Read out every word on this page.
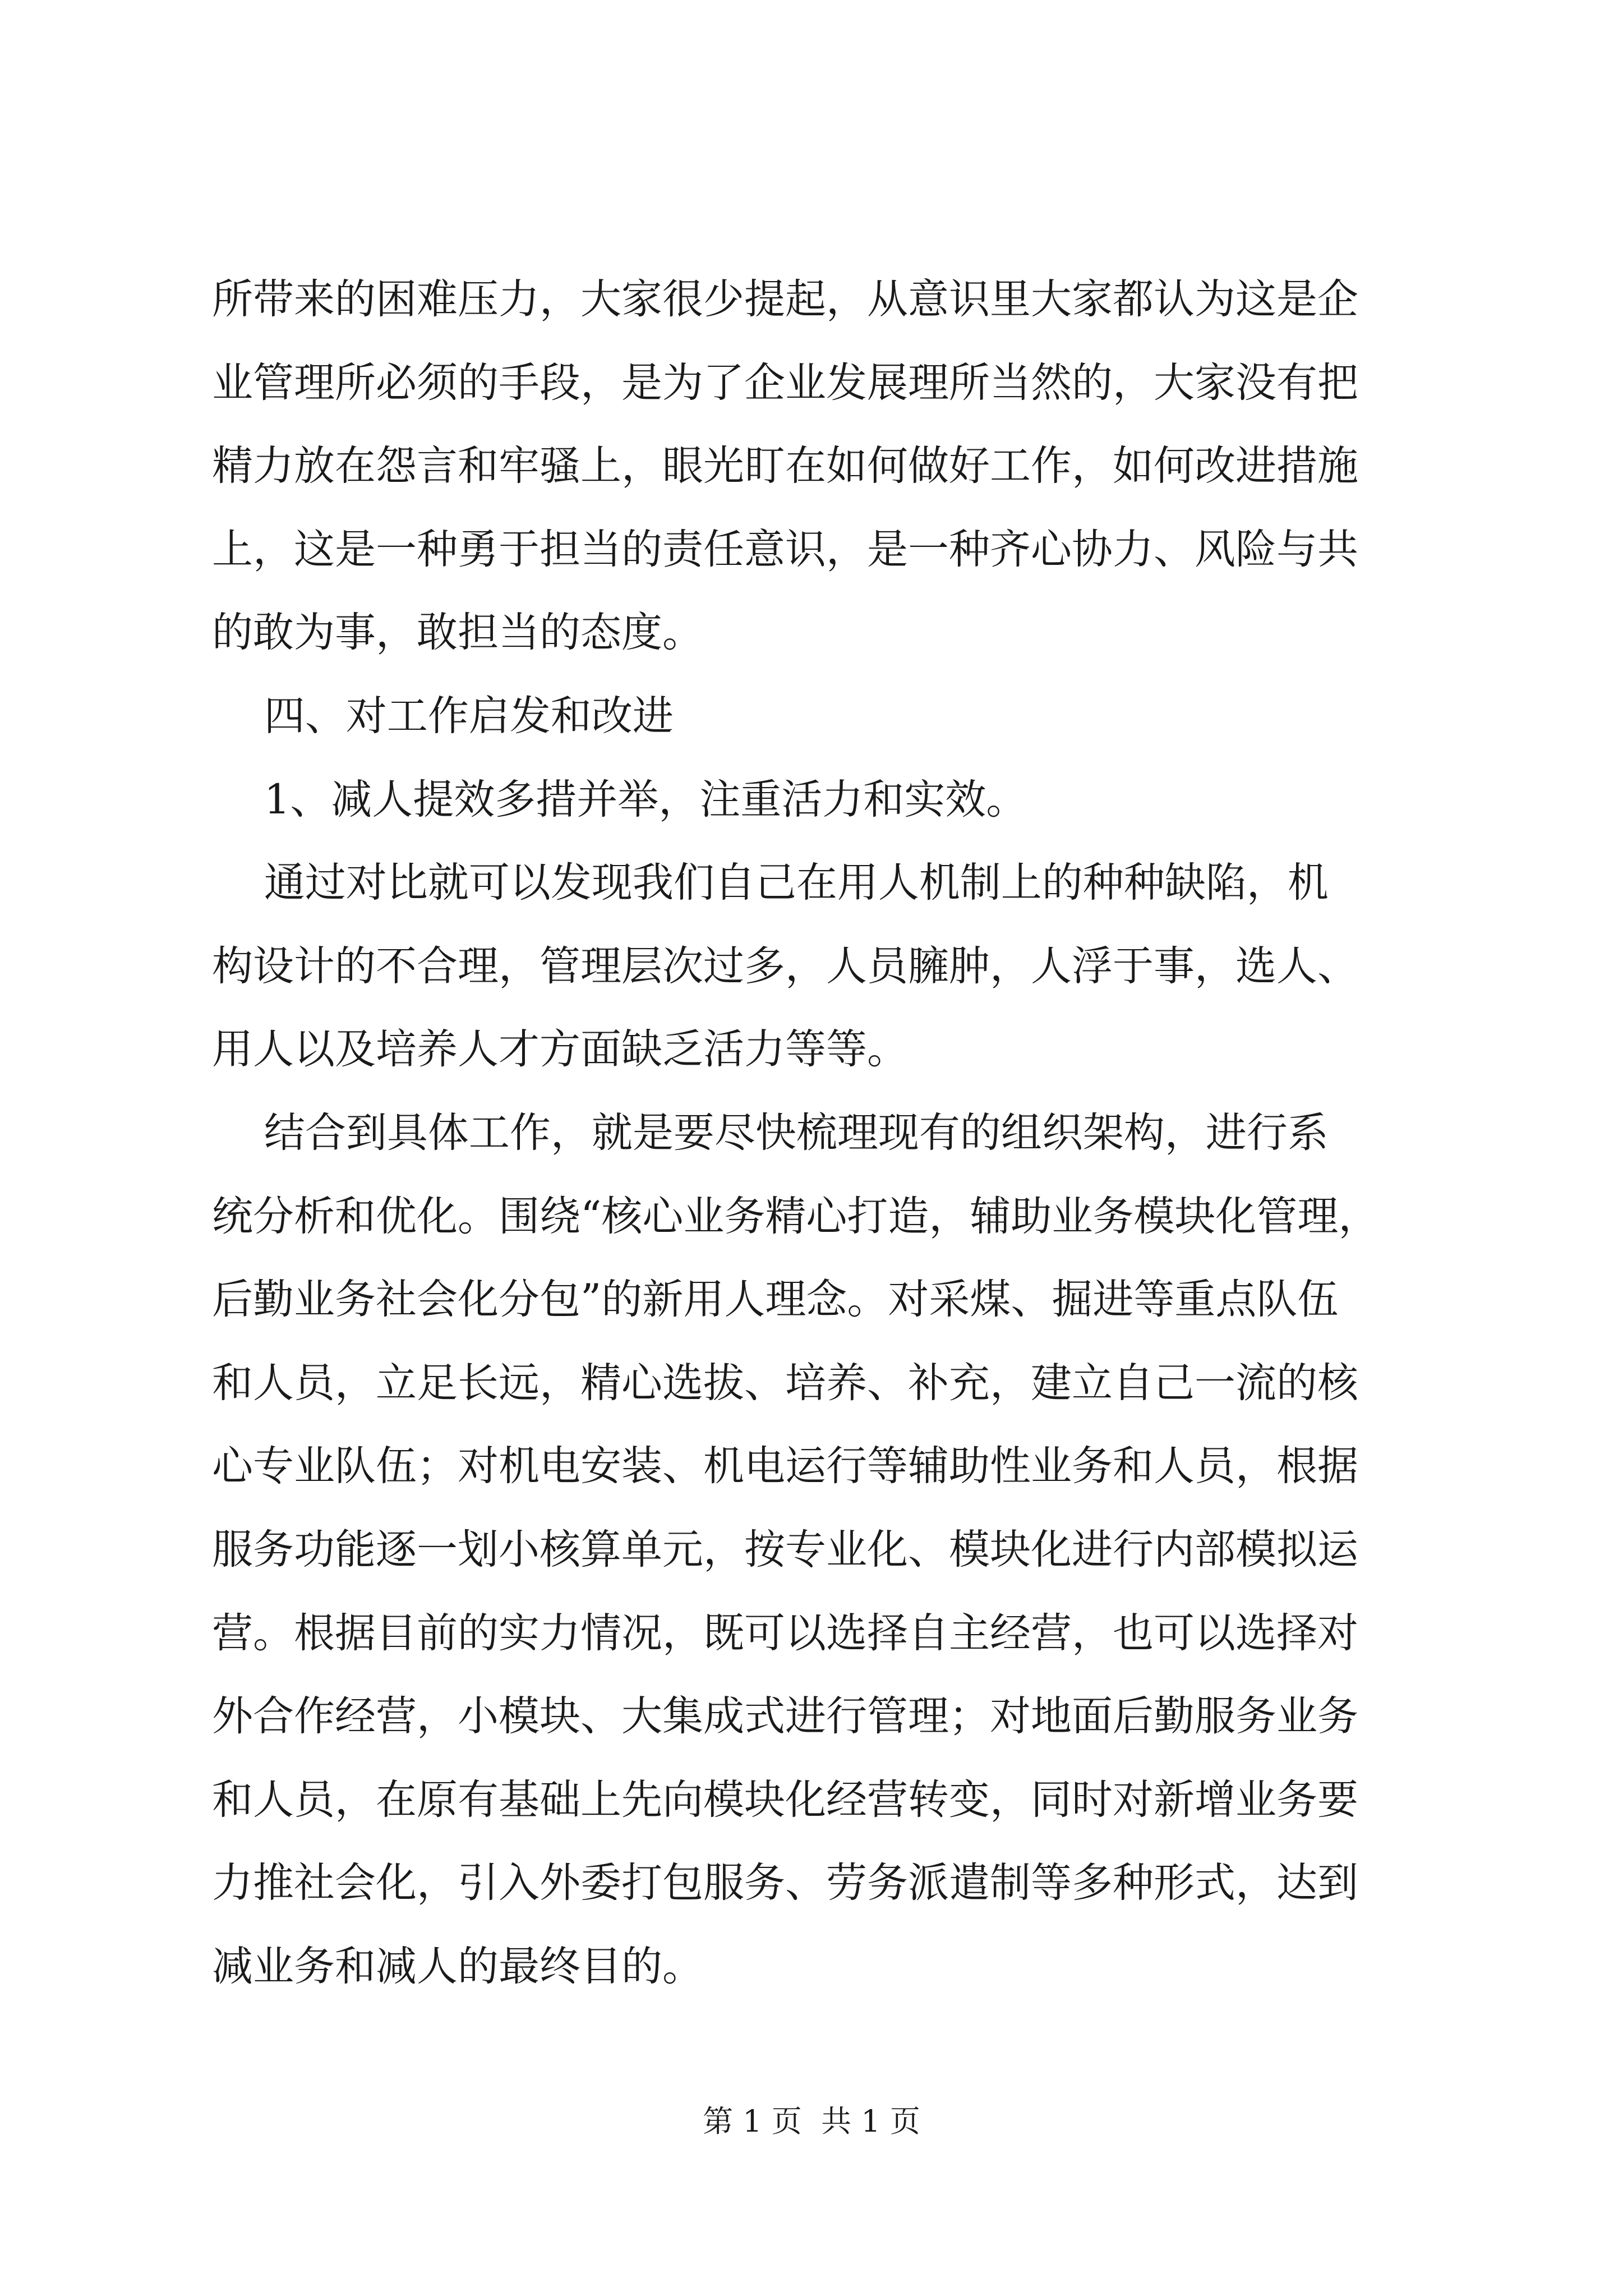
所带来的困难压力，大家很少提起，从意识里大家都认为这是企
业管理所必须的手段，是为了企业发展理所当然的，大家没有把
精力放在怨言和牢骚上，眼光盯在如何做好工作，如何改进措施
上，这是一种勇于担当的责任意识，是一种齐心协力、风险与共
的敢为事，敢担当的态度。
四、对工作启发和改进
1、减人提效多措并举，注重活力和实效。
通过对比就可以发现我们自己在用人机制上的种种缺陷，机
构设计的不合理，管理层次过多，人员臃肿，人浮于事，选人、
用人以及培养人才方面缺乏活力等等。
结合到具体工作，就是要尽快梳理现有的组织架构，进行系
统分析和优化。围绕“核心业务精心打造，辅助业务模块化管理，
后勤业务社会化分包”的新用人理念。对采煤、掘进等重点队伍
和人员，立足长远，精心选拔、培养、补充，建立自己一流的核
心专业队伍；对机电安装、机电运行等辅助性业务和人员，根据
服务功能逐一划小核算单元，按专业化、模块化进行内部模拟运
营。根据目前的实力情况，既可以选择自主经营，也可以选择对
外合作经营，小模块、大集成式进行管理；对地面后勤服务业务
和人员，在原有基础上先向模块化经营转变，同时对新增业务要
力推社会化，引入外委打包服务、劳务派遣制等多种形式，达到
减业务和减人的最终目的。
第 1 页  共 1 页
